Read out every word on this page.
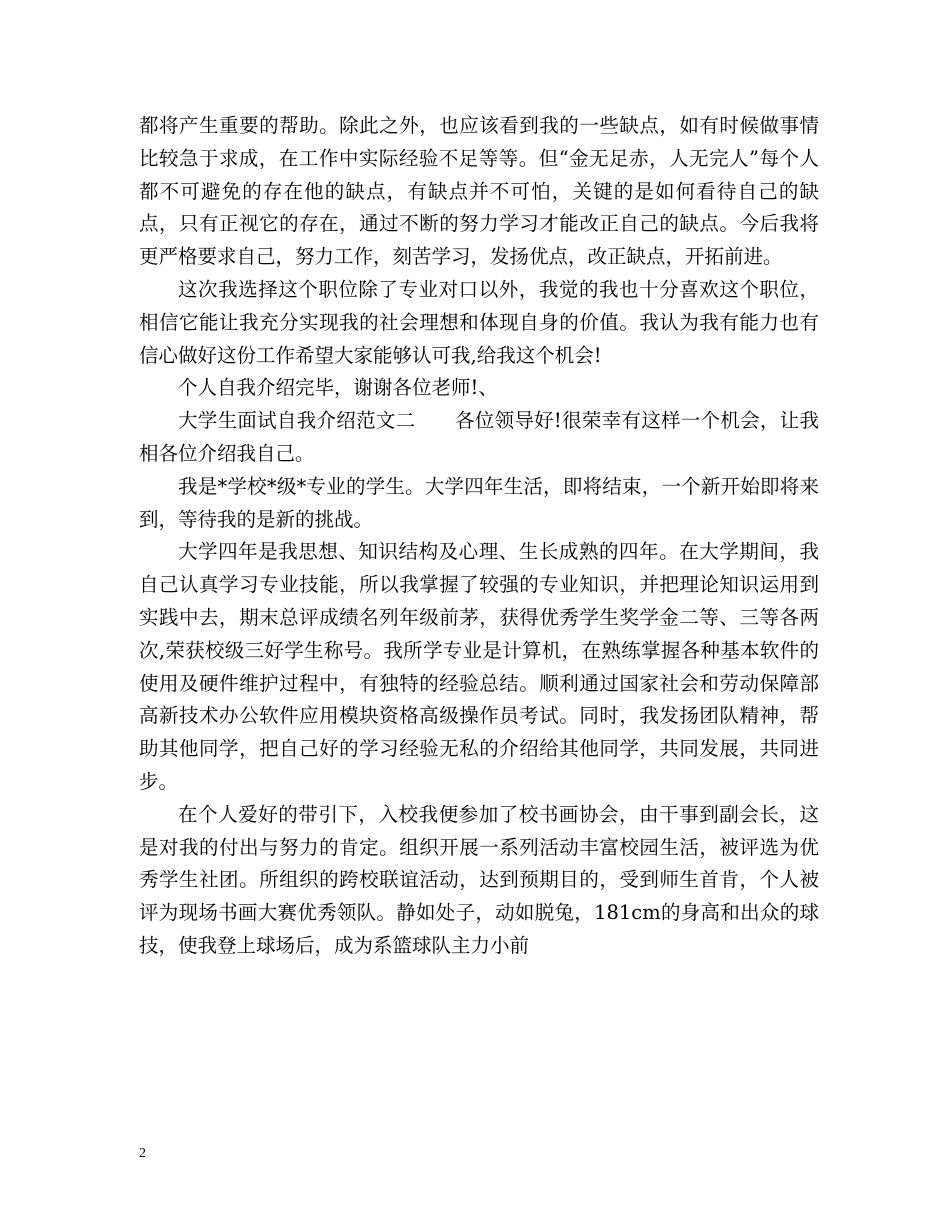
都将产生重要的帮助。除此之外，也应该看到我的一些缺点，如有时候做事情比较急于求成，在工作中实际经验不足等等。但“金无足赤，人无完人”每个人都不可避免的存在他的缺点，有缺点并不可怕，关键的是如何看待自己的缺点，只有正视它的存在，通过不断的努力学习才能改正自己的缺点。今后我将更严格要求自己，努力工作，刻苦学习，发扬优点，改正缺点，开拓前进。

这次我选择这个职位除了专业对口以外，我觉的我也十分喜欢这个职位，相信它能让我充分实现我的社会理想和体现自身的价值。我认为我有能力也有信心做好这份工作希望大家能够认可我,给我这个机会!

个人自我介绍完毕，谢谢各位老师!、

大学生面试自我介绍范文二　　各位领导好!很荣幸有这样一个机会，让我相各位介绍我自己。

我是*学校*级*专业的学生。大学四年生活，即将结束，一个新开始即将来到，等待我的是新的挑战。

大学四年是我思想、知识结构及心理、生长成熟的四年。在大学期间，我自己认真学习专业技能，所以我掌握了较强的专业知识，并把理论知识运用到实践中去，期末总评成绩名列年级前茅，获得优秀学生奖学金二等、三等各两次,荣获校级三好学生称号。我所学专业是计算机，在熟练掌握各种基本软件的使用及硬件维护过程中，有独特的经验总结。顺利通过国家社会和劳动保障部高新技术办公软件应用模块资格高级操作员考试。同时，我发扬团队精神，帮助其他同学，把自己好的学习经验无私的介绍给其他同学，共同发展，共同进步。

在个人爱好的带引下，入校我便参加了校书画协会，由干事到副会长，这是对我的付出与努力的肯定。组织开展一系列活动丰富校园生活，被评选为优秀学生社团。所组织的跨校联谊活动，达到预期目的，受到师生首肯，个人被评为现场书画大赛优秀领队。静如处子，动如脱兔，181cm的身高和出众的球技，使我登上球场后，成为系篮球队主力小前

2
